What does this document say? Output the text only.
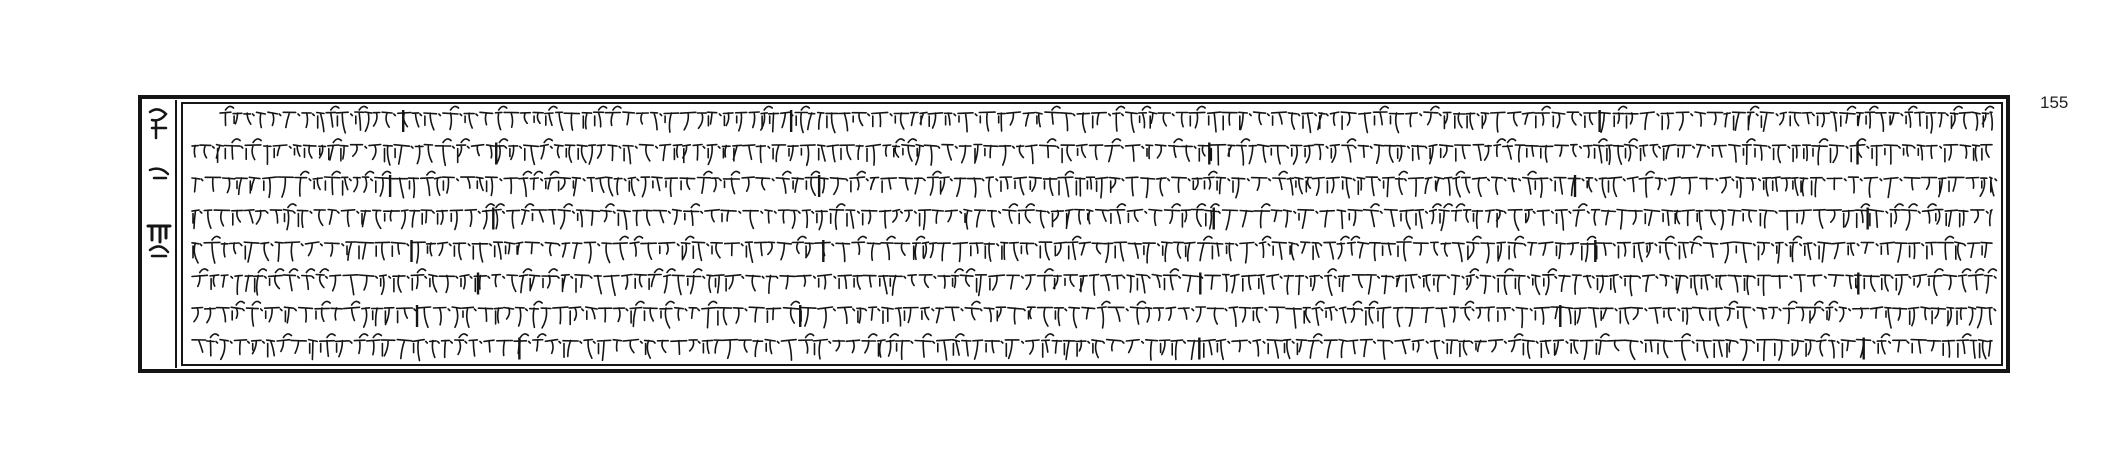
155
